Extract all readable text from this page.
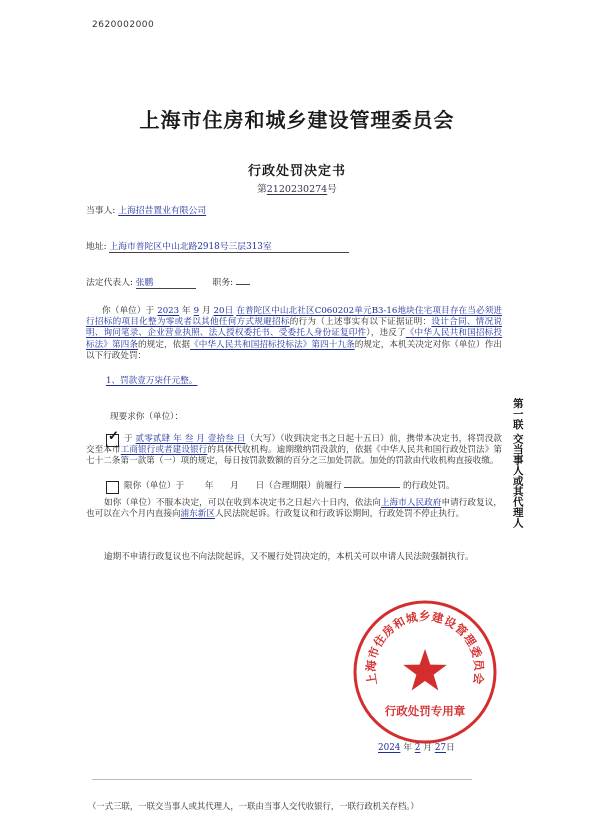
2620002000
上海市住房和城乡建设管理委员会
行政处罚决定书
第2120230274号
当事人: 上海招昔置业有限公司
地址: 上海市普陀区中山北路2918号三层313室
法定代表人: 张鹏	职务:
你（单位）于 2023 年 9 月 20日 在普陀区中山北社区C060202单元B3-16地块住宅项目存在当必须进行招标的项目化整为零或者以其他任何方式规避招标的行为（上述事实有以下证据证明：设计合同、情况说明、询问笔录、企业营业执照、法人授权委托书、受委托人身份证复印件），违反了《中华人民共和国招标投标法》第四条的规定，依据《中华人民共和国招标投标法》第四十九条的规定，本机关决定对你（单位）作出以下行政处罚：
1、罚款壹万柒仟元整。
现要求你（单位）：
✓ 于 贰零贰肆 年 叁 月 壹拾叁 日（大写）（收到决定书之日起十五日）前，携带本决定书，将罚没款交至本市工商银行或者建设银行的具体代收机构。逾期缴纳罚没款的，依据《中华人民共和国行政处罚法》第七十二条第一款第（一）项的规定，每日按罚款数额的百分之三加处罚款。加处的罚款由代收机构直接收缴。
限你（单位）于 年 月 日（合理期限）前履行	的行政处罚。
如你（单位）不服本决定，可以在收到本决定书之日起六十日内，依法向上海市人民政府申请行政复议，也可以在六个月内直接向浦东新区人民法院起诉。行政复议和行政诉讼期间，行政处罚不停止执行。
逾期不申请行政复议也不向法院起诉，又不履行处罚决定的，本机关可以申请人民法院强制执行。
第一联 交当事人或其代理人
上海市住房和城乡建设管理委员会
行政处罚专用章
2024 年 2 月 27日
（一式三联，一联交当事人或其代理人，一联由当事人交代收银行，一联行政机关存档。）
